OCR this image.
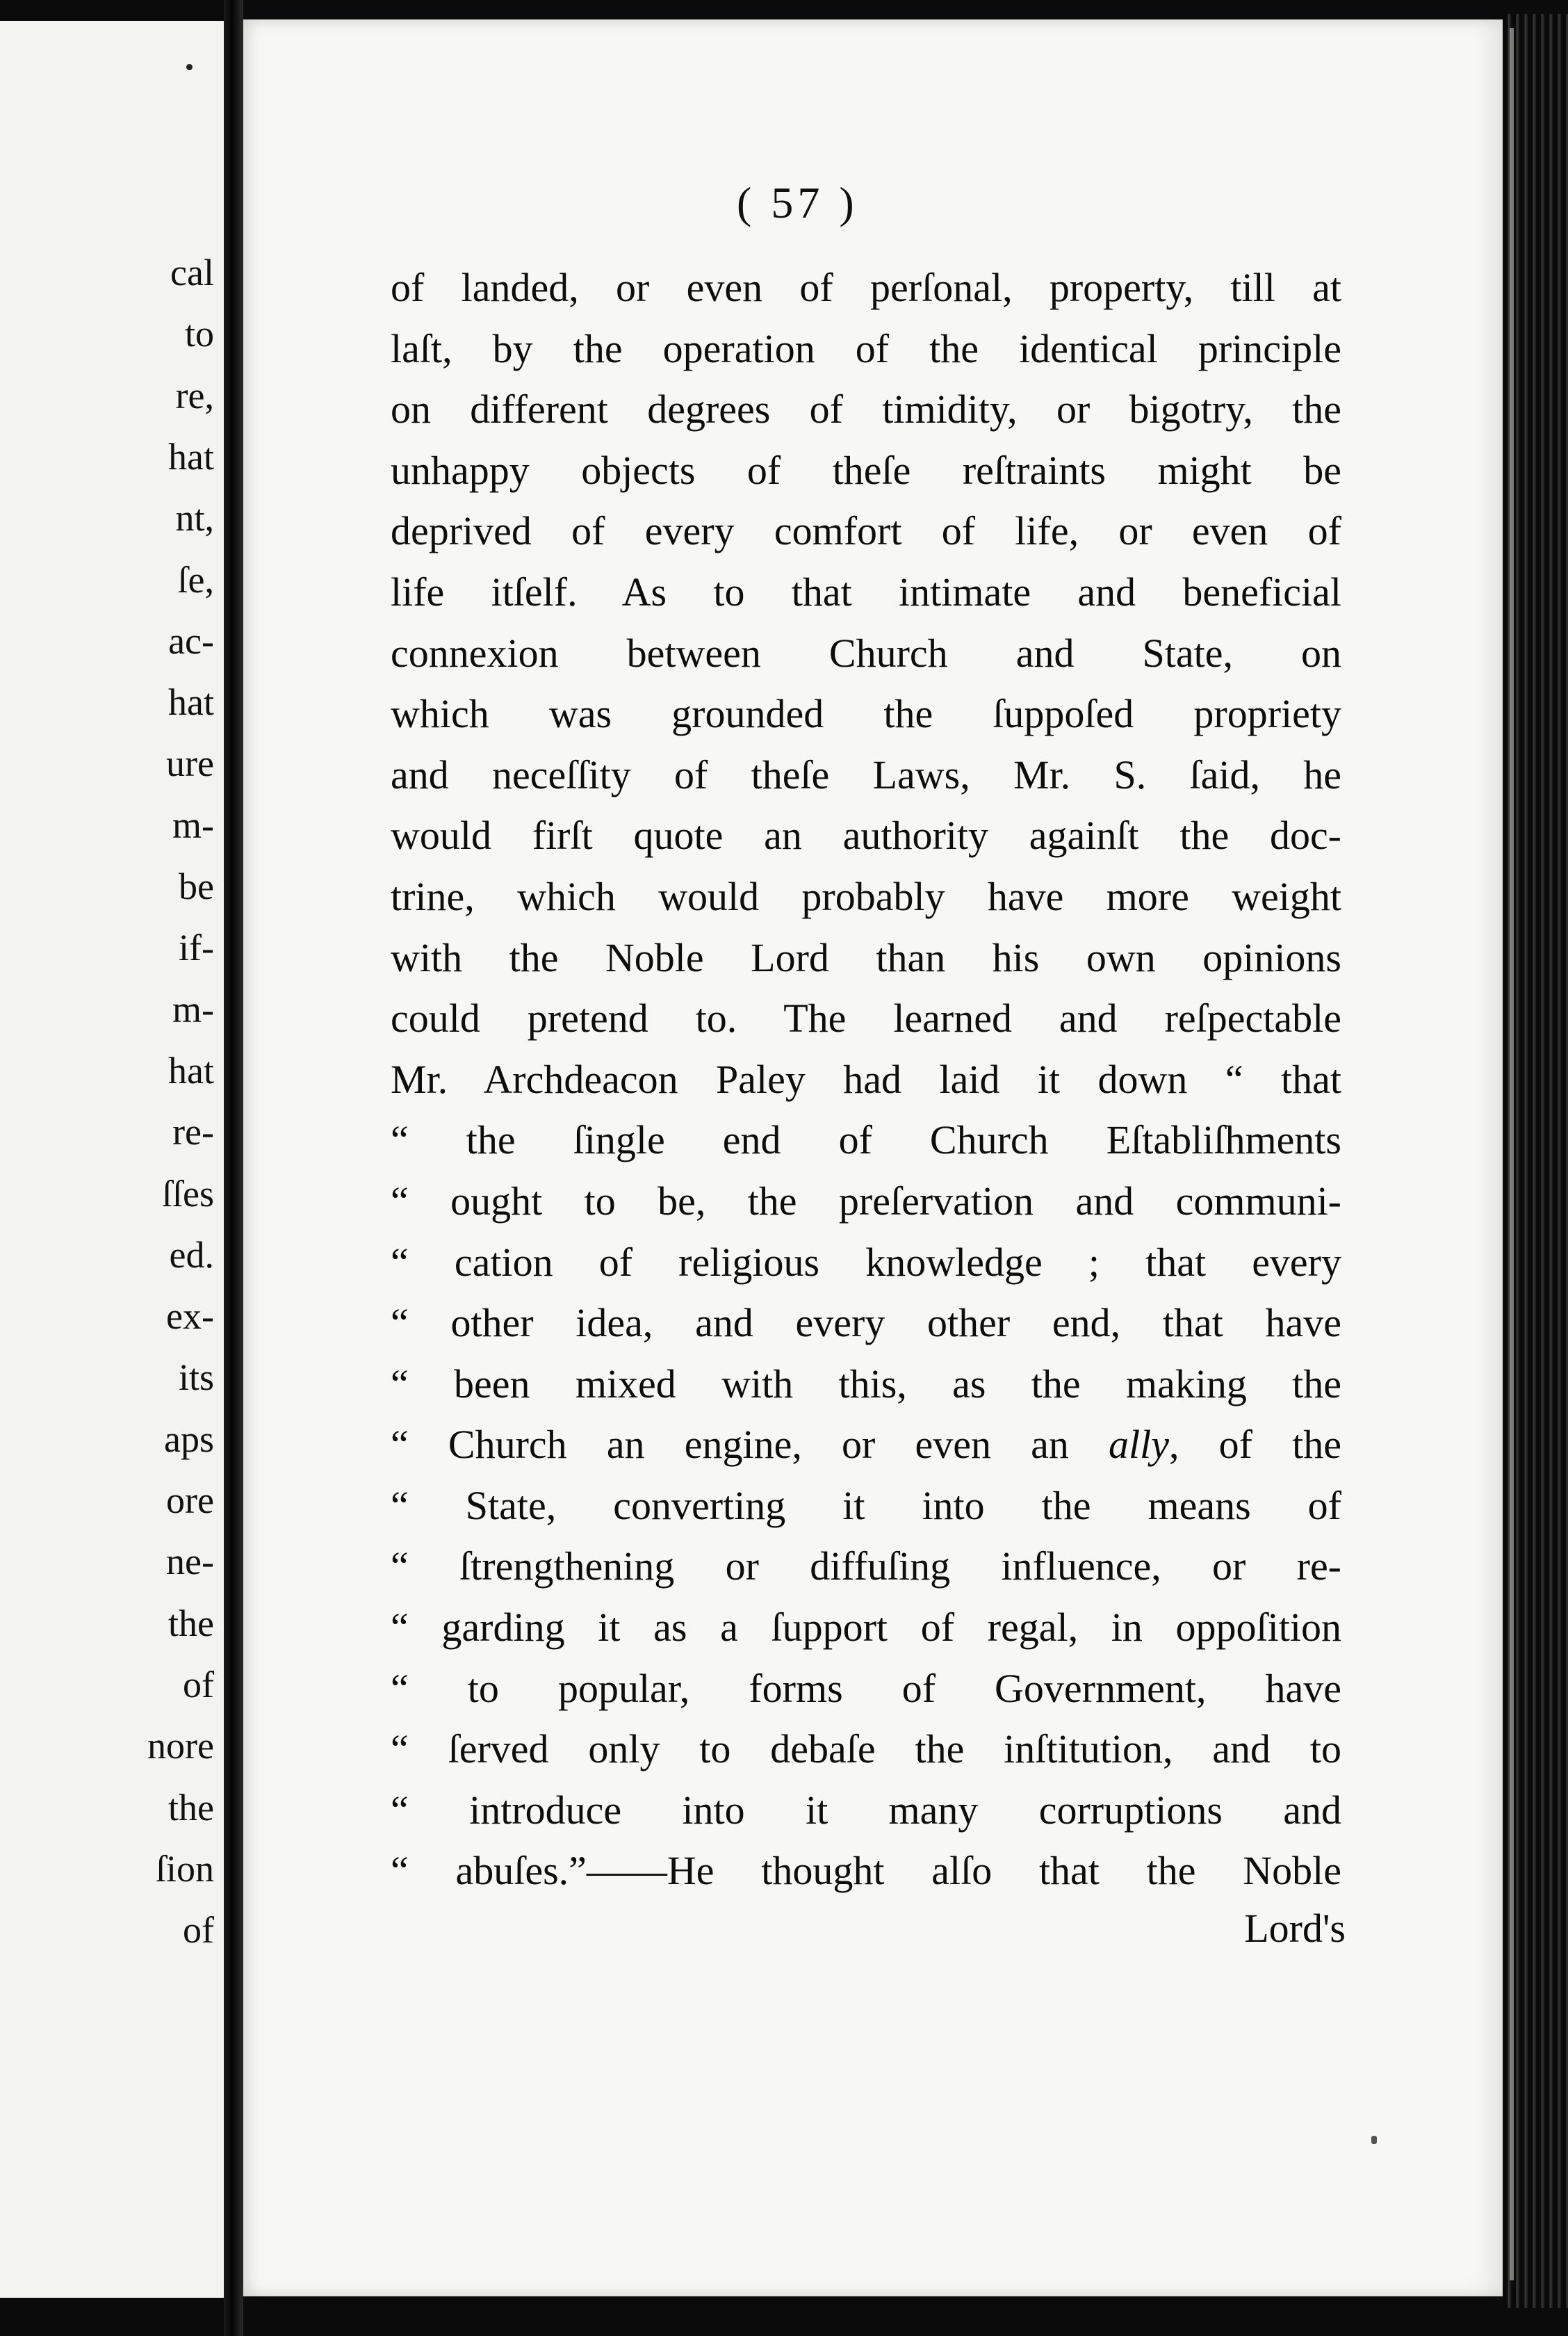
cal
to
re,
hat
nt,
ſe,
ac-
hat
ure
m-
be
if-
m-
hat
re-
ſſes
ed.
ex-
its
aps
ore
ne-
the
of
nore
the
ſion
of
( 57 )
of landed, or even of perſonal, property, till at
laſt, by the operation of the identical principle
on different degrees of timidity, or bigotry, the
unhappy objects of theſe reſtraints might be
deprived of every comfort of life, or even of
life itſelf. As to that intimate and beneficial
connexion between Church and State, on
which was grounded the ſuppoſed propriety
and neceſſity of theſe Laws, Mr. S. ſaid, he
would firſt quote an authority againſt the doc-
trine, which would probably have more weight
with the Noble Lord than his own opinions
could pretend to. The learned and reſpectable
Mr. Archdeacon Paley had laid it down “ that
“ the ſingle end of Church Eſtabliſhments
“ ought to be, the preſervation and communi-
“ cation of religious knowledge ; that every
“ other idea, and every other end, that have
“ been mixed with this, as the making the
“ Church an engine, or even an ally, of the
“ State, converting it into the means of
“ ſtrengthening or diffuſing influence, or re-
“ garding it as a ſupport of regal, in oppoſition
“ to popular, forms of Government, have
“ ſerved only to debaſe the inſtitution, and to
“ introduce into it many corruptions and
“ abuſes.”——He thought alſo that the Noble
Lord's
